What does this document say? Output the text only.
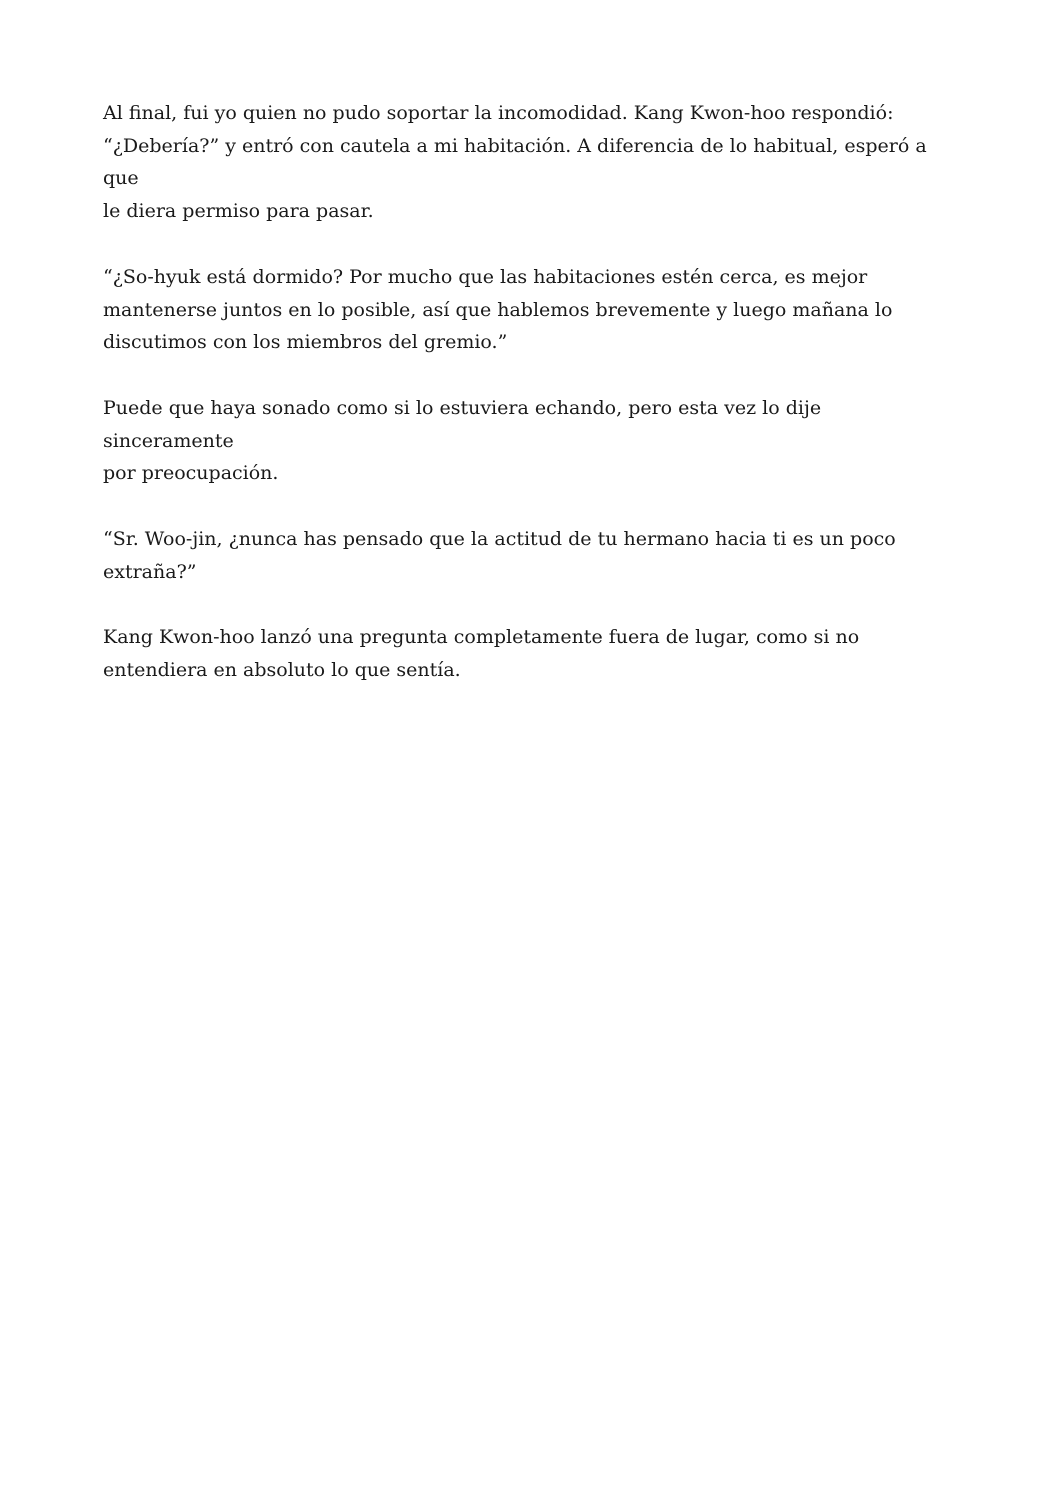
Al final, fui yo quien no pudo soportar la incomodidad. Kang Kwon-hoo respondió:
“¿Debería?” y entró con cautela a mi habitación. A diferencia de lo habitual, esperó a que
le diera permiso para pasar.

“¿So-hyuk está dormido? Por mucho que las habitaciones estén cerca, es mejor
mantenerse juntos en lo posible, así que hablemos brevemente y luego mañana lo
discutimos con los miembros del gremio.”

Puede que haya sonado como si lo estuviera echando, pero esta vez lo dije sinceramente
por preocupación.

“Sr. Woo-jin, ¿nunca has pensado que la actitud de tu hermano hacia ti es un poco
extraña?”

Kang Kwon-hoo lanzó una pregunta completamente fuera de lugar, como si no
entendiera en absoluto lo que sentía.
